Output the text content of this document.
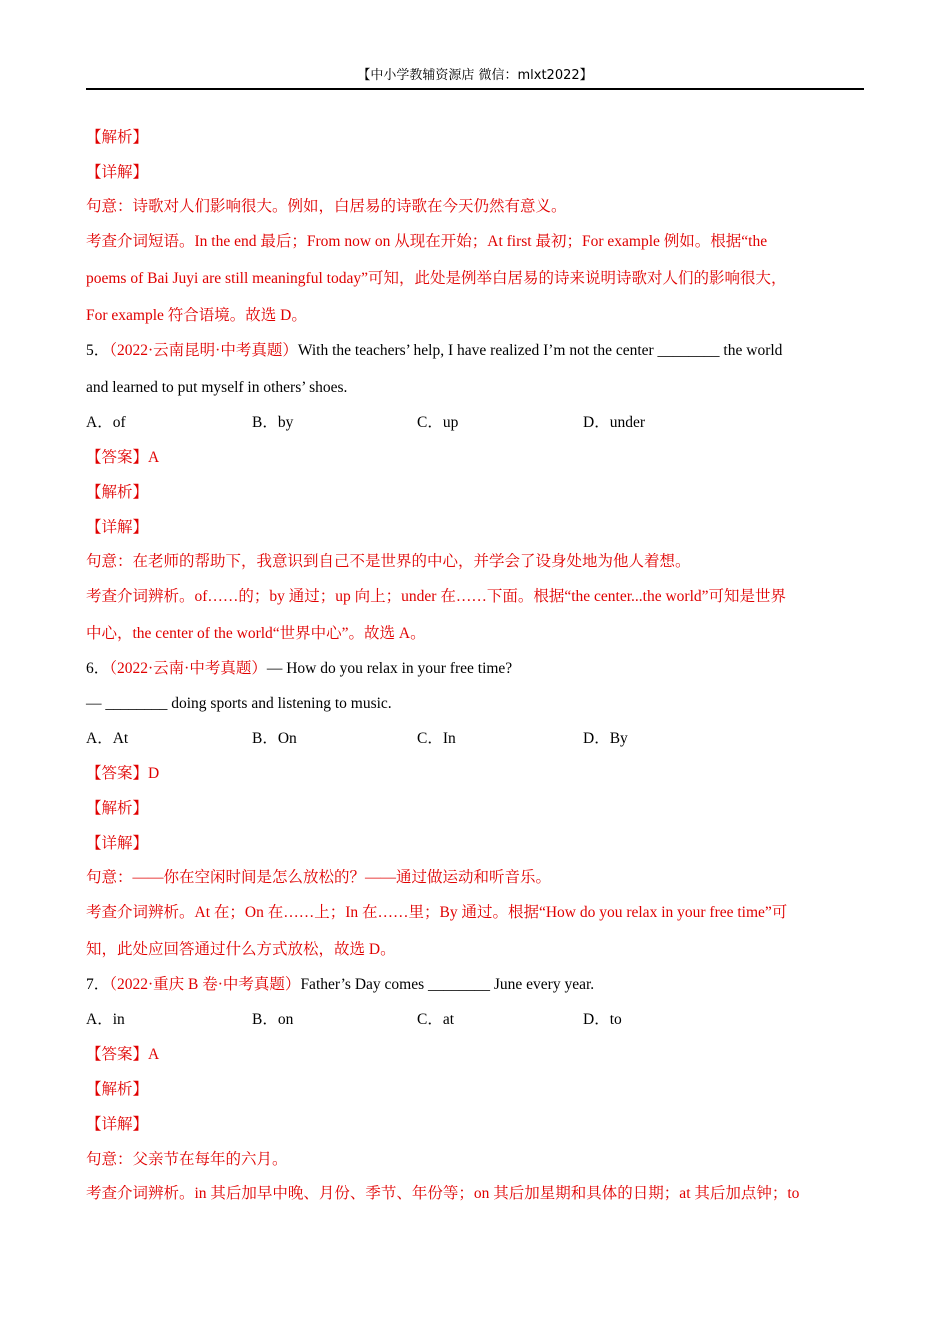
【中小学教辅资源店 微信：mlxt2022】
【解析】
【详解】
句意：诗歌对人们影响很大。例如，白居易的诗歌在今天仍然有意义。
考查介词短语。In the end 最后；From now on 从现在开始；At first 最初；For example 例如。根据“the
poems of Bai Juyi are still meaningful today”可知，此处是例举白居易的诗来说明诗歌对人们的影响很大，
For example 符合语境。故选 D。
5．（2022·云南昆明·中考真题）With the teachers’ help, I have realized I’m not the center ________ the world
and learned to put myself in others’ shoes.
A．of	B．by	C．up	D．under
【答案】A
【解析】
【详解】
句意：在老师的帮助下，我意识到自己不是世界的中心，并学会了设身处地为他人着想。
考查介词辨析。of……的；by 通过；up 向上；under 在……下面。根据“the center...the world”可知是世界
中心，the center of the world“世界中心”。故选 A。
6．（2022·云南·中考真题）— How do you relax in your free time?
— ________ doing sports and listening to music.
A．At	B．On	C．In	D．By
【答案】D
【解析】
【详解】
句意：——你在空闲时间是怎么放松的？——通过做运动和听音乐。
考查介词辨析。At 在；On 在……上；In 在……里；By 通过。根据“How do you relax in your free time”可
知，此处应回答通过什么方式放松，故选 D。
7．（2022·重庆 B 卷·中考真题）Father’s Day comes ________ June every year.
A．in	B．on	C．at	D．to
【答案】A
【解析】
【详解】
句意：父亲节在每年的六月。
考查介词辨析。in 其后加早中晚、月份、季节、年份等；on 其后加星期和具体的日期；at 其后加点钟；to
